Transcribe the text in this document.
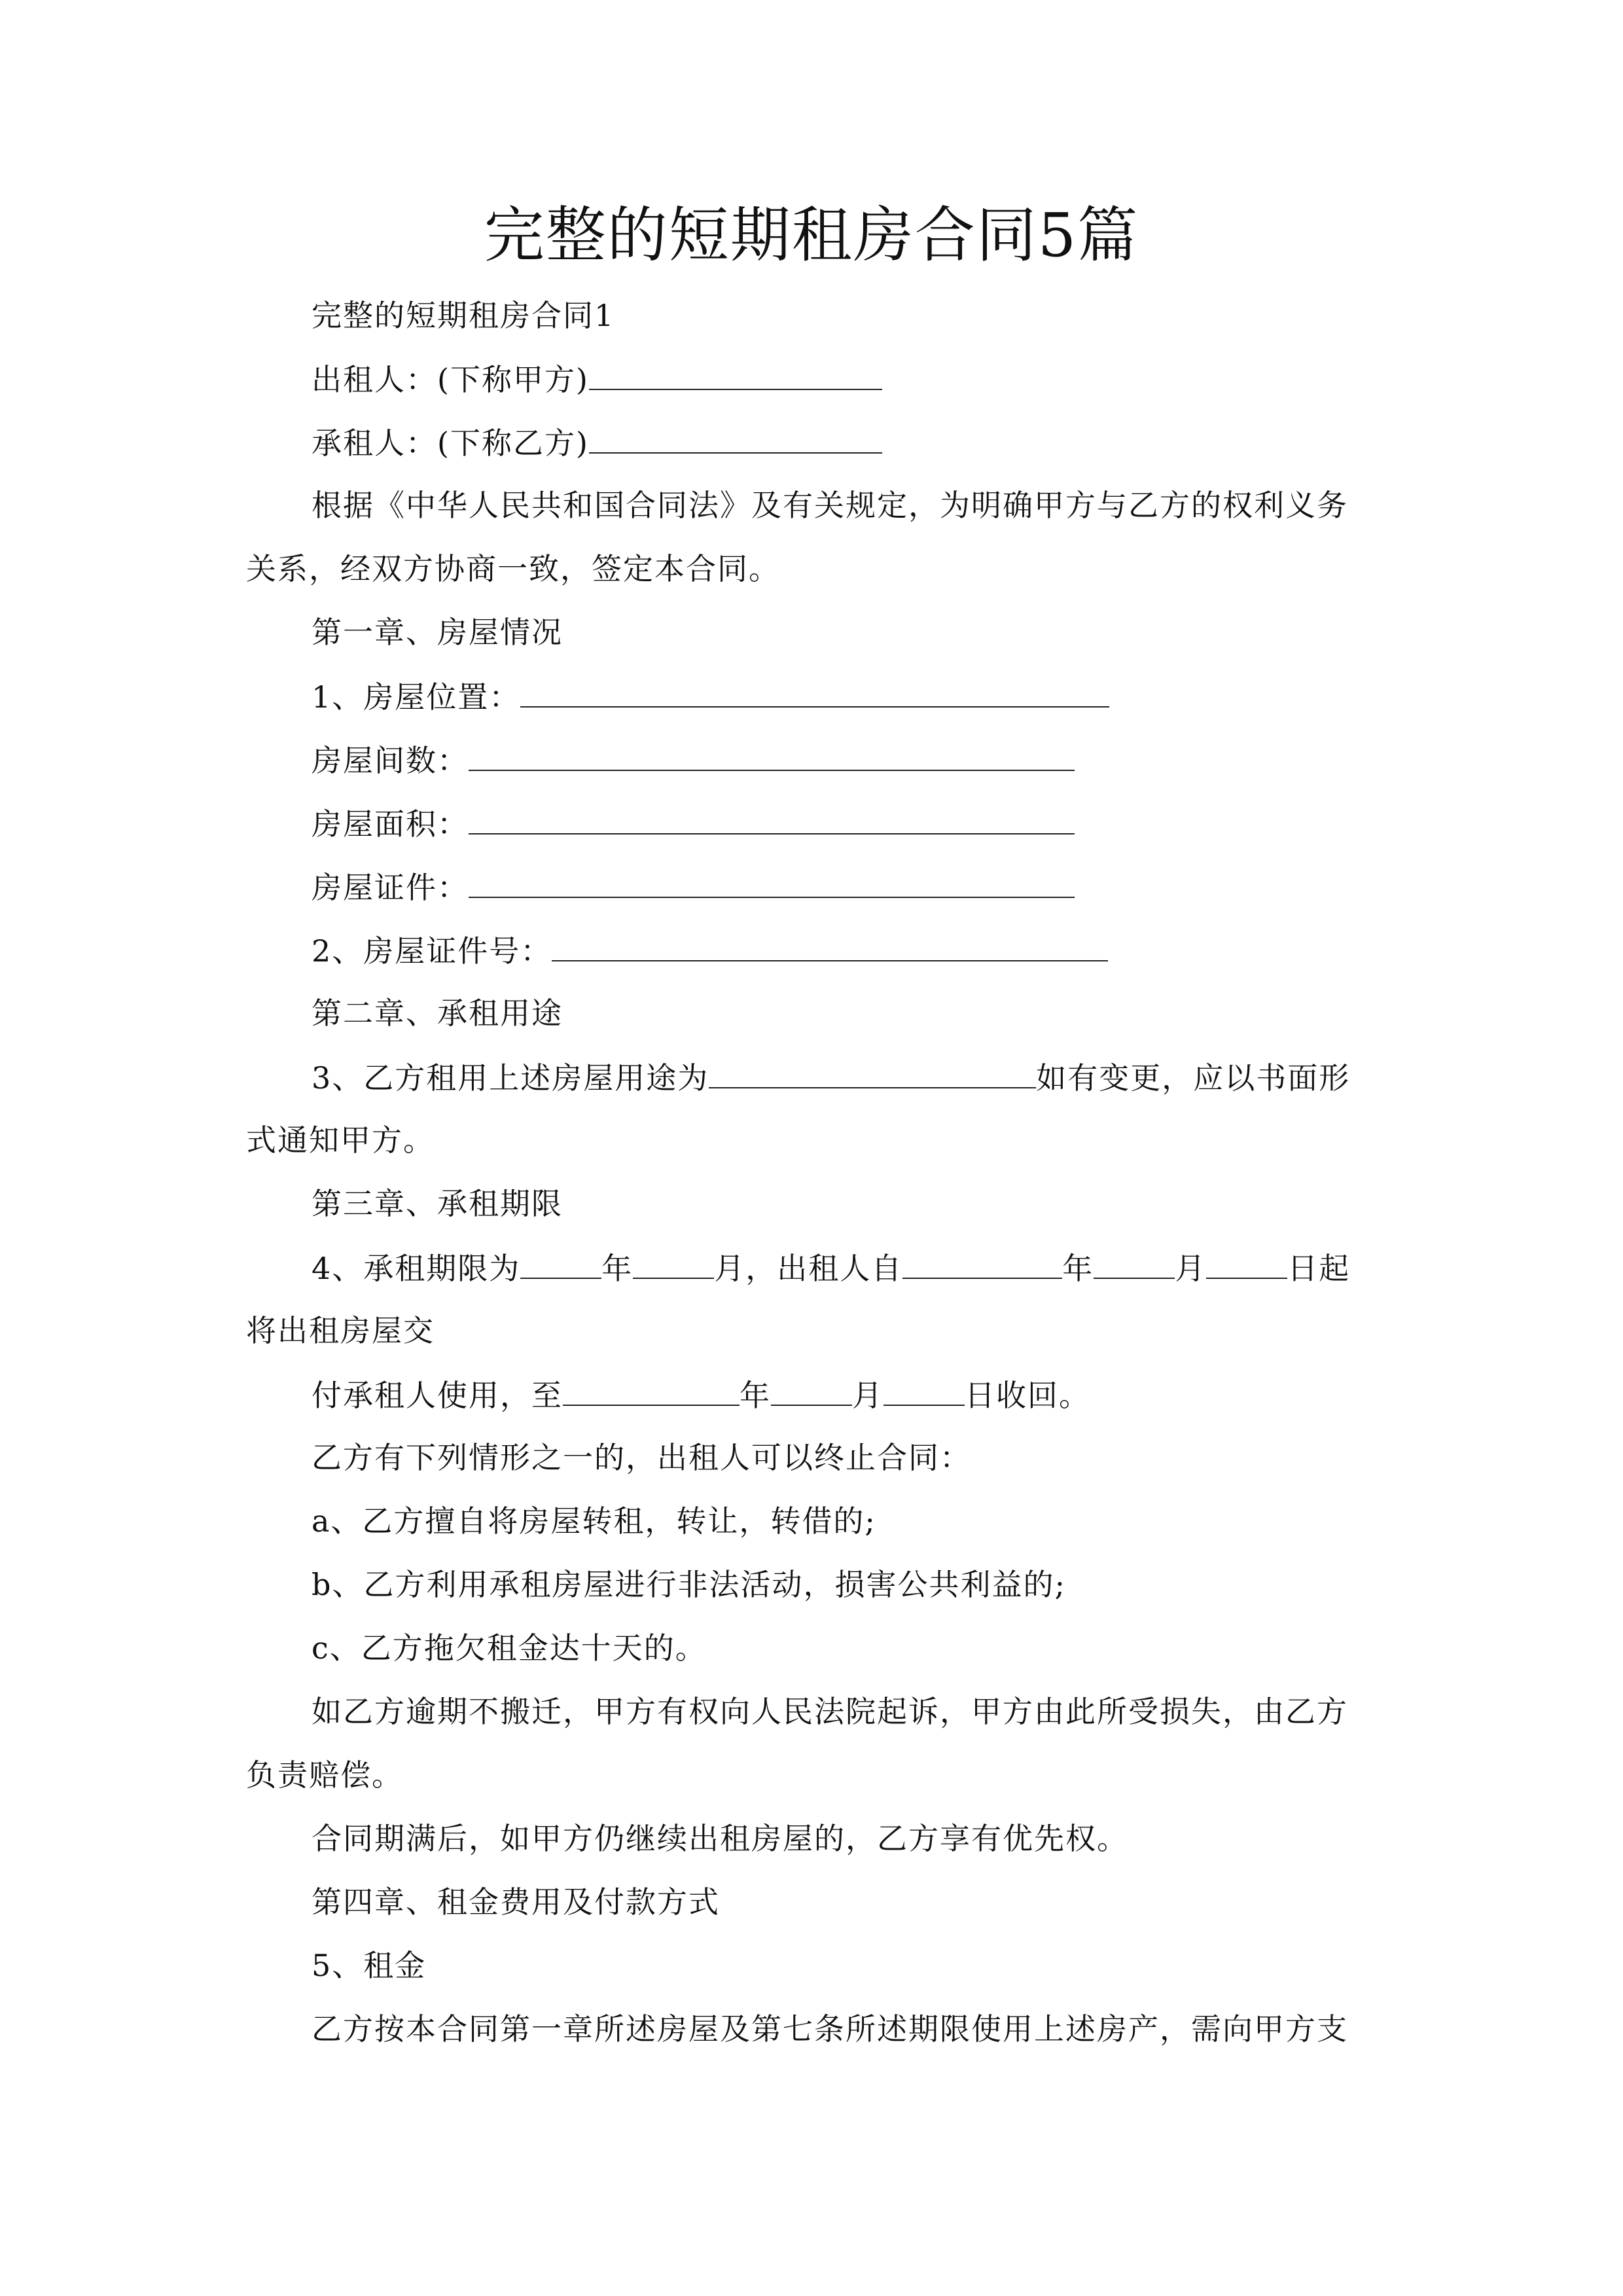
完整的短期租房合同5篇
完整的短期租房合同1
出租人：(下称甲方)
承租人：(下称乙方)
根据《中华人民共和国合同法》及有关规定，为明确甲方与乙方的权利义务
关系，经双方协商一致，签定本合同。
第一章、房屋情况
1、房屋位置：
房屋间数：
房屋面积：
房屋证件：
2、房屋证件号：
第二章、承租用途
3、乙方租用上述房屋用途为	如有变更，应以书面形
式通知甲方。
第三章、承租期限
4、承租期限为	年	月，出租人自	年	月	日起
将出租房屋交
付承租人使用，至	年	月	日收回。
乙方有下列情形之一的，出租人可以终止合同：
a、乙方擅自将房屋转租，转让，转借的;
b、乙方利用承租房屋进行非法活动，损害公共利益的;
c、乙方拖欠租金达十天的。
如乙方逾期不搬迁，甲方有权向人民法院起诉，甲方由此所受损失，由乙方
负责赔偿。
合同期满后，如甲方仍继续出租房屋的，乙方享有优先权。
第四章、租金费用及付款方式
5、租金
乙方按本合同第一章所述房屋及第七条所述期限使用上述房产，需向甲方支
